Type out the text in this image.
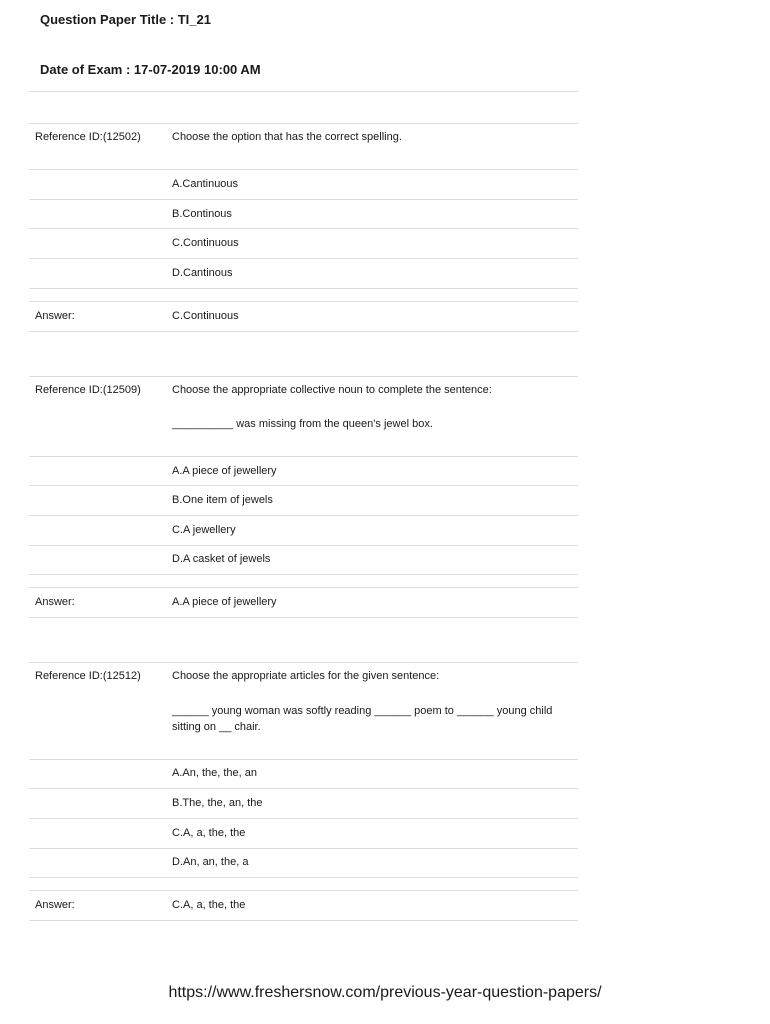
Question Paper Title : TI_21

Date of Exam : 17-07-2019 10:00 AM

Reference ID:(12502)	Choose the option that has the correct spelling.
A.Cantinuous
B.Continous
C.Continuous
D.Cantinous
Answer:	C.Continuous
Reference ID:(12509)	Choose the appropriate collective noun to complete the sentence:
__________ was missing from the queen’s jewel box.
A.A piece of jewellery
B.One item of jewels
C.A jewellery
D.A casket of jewels
Answer:	A.A piece of jewellery
Reference ID:(12512)	Choose the appropriate articles for the given sentence:
______ young woman was softly reading ______ poem to ______ young child sitting on __ chair.
A.An, the, the, an
B.The, the, an, the
C.A, a, the, the
D.An, an, the, a
Answer:	C.A, a, the, the
https://www.freshersnow.com/previous-year-question-papers/
